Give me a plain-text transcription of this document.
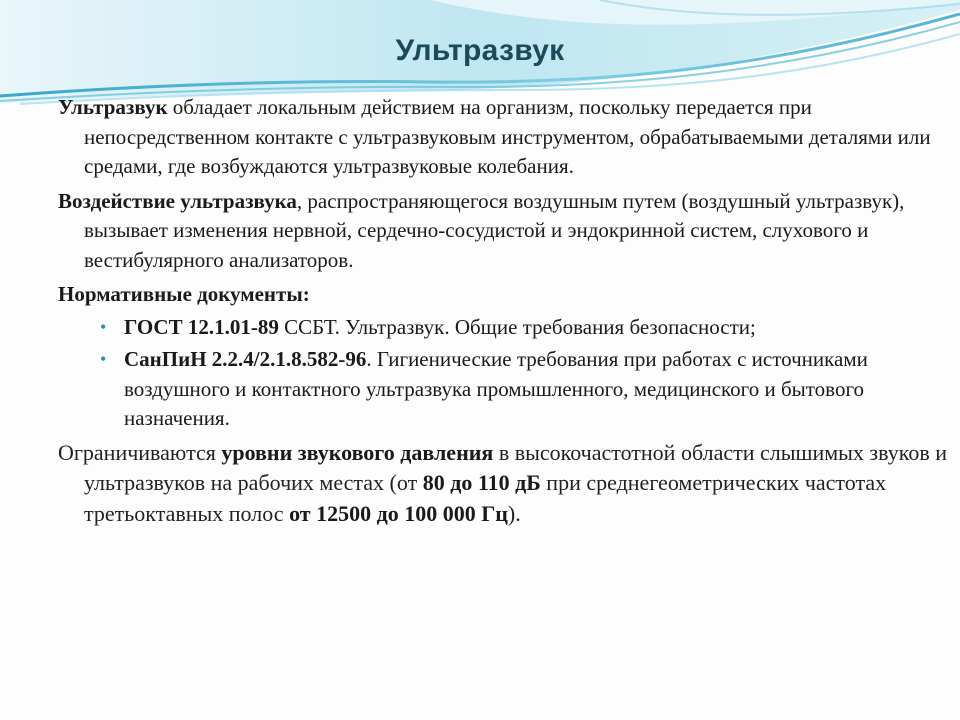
Ультразвук

Ультразвук обладает локальным действием на организм, поскольку передается при непосредственном контакте с ультразвуковым инструментом, обрабатываемыми деталями или средами, где возбуждаются ультразвуковые колебания.

Воздействие ультразвука, распространяющегося воздушным путем (воздушный ультразвук), вызывает изменения нервной, сердечно-сосудистой и эндокринной систем, слухового и вестибулярного анализаторов.

Нормативные документы:

• ГОСТ 12.1.01-89 ССБТ. Ультразвук. Общие требования безопасности;
• СанПиН 2.2.4/2.1.8.582-96. Гигиенические требования при работах с источниками воздушного и контактного ультразвука промышленного, медицинского и бытового назначения.

Ограничиваются уровни звукового давления в высокочастотной области слышимых звуков и ультразвуков на рабочих местах (от 80 до 110 дБ при среднегеометрических частотах третьоктавных полос от 12500 до 100 000 Гц).
